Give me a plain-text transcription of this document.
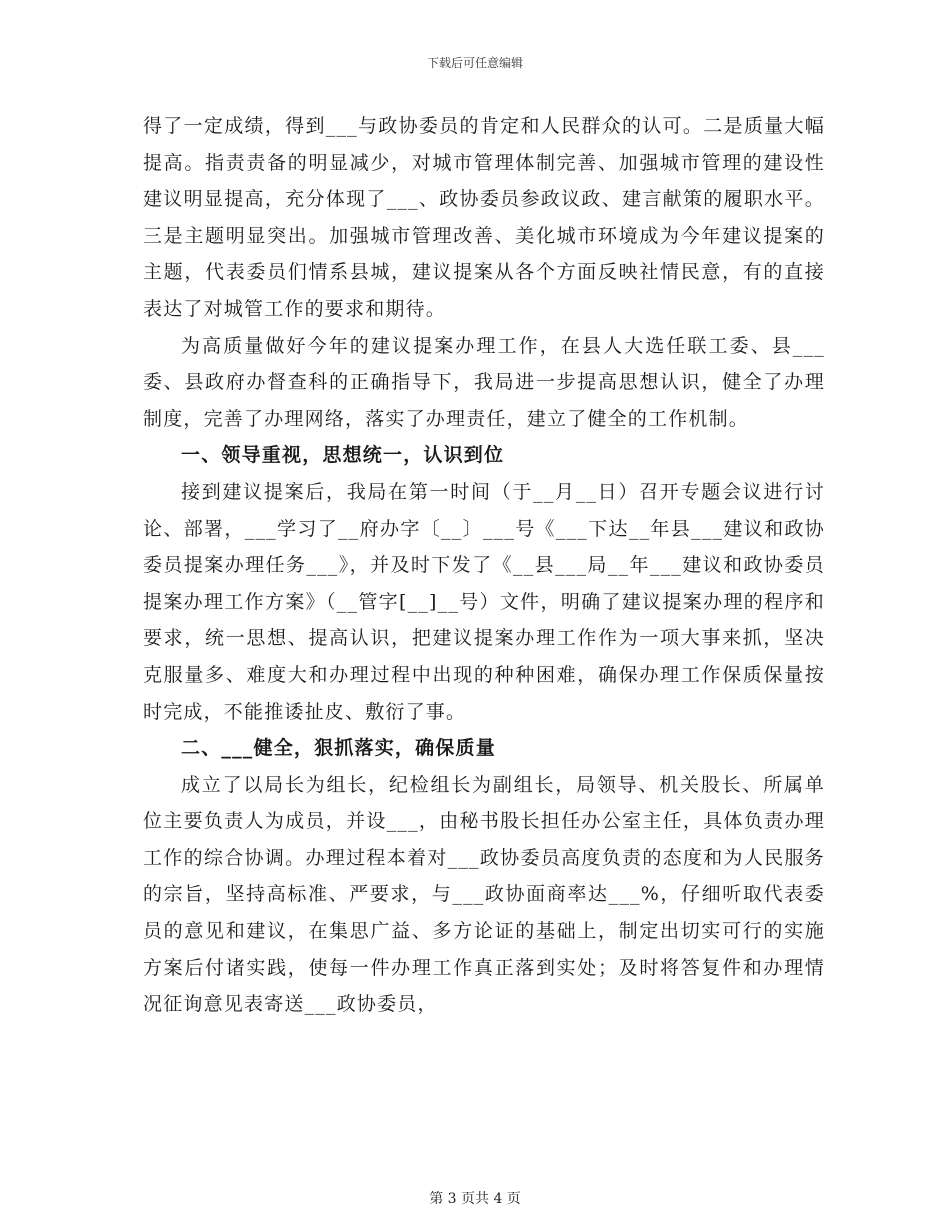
下载后可任意编辑

得了一定成绩，得到___与政协委员的肯定和人民群众的认可。二是质量大幅提高。指责责备的明显减少，对城市管理体制完善、加强城市管理的建设性建议明显提高，充分体现了___、政协委员参政议政、建言献策的履职水平。三是主题明显突出。加强城市管理改善、美化城市环境成为今年建议提案的主题，代表委员们情系县城，建议提案从各个方面反映社情民意，有的直接表达了对城管工作的要求和期待。

为高质量做好今年的建议提案办理工作，在县人大选任联工委、县___委、县政府办督查科的正确指导下，我局进一步提高思想认识，健全了办理制度，完善了办理网络，落实了办理责任，建立了健全的工作机制。

一、领导重视，思想统一，认识到位

接到建议提案后，我局在第一时间（于__月__日）召开专题会议进行讨论、部署，___学习了__府办字〔__〕___号《___下达__年县___建议和政协委员提案办理任务___》，并及时下发了《__县___局__年___建议和政协委员提案办理工作方案》（__管字[__]__号）文件，明确了建议提案办理的程序和要求，统一思想、提高认识，把建议提案办理工作作为一项大事来抓，坚决克服量多、难度大和办理过程中出现的种种困难，确保办理工作保质保量按时完成，不能推诿扯皮、敷衍了事。

二、___健全，狠抓落实，确保质量

成立了以局长为组长，纪检组长为副组长，局领导、机关股长、所属单位主要负责人为成员，并设___，由秘书股长担任办公室主任，具体负责办理工作的综合协调。办理过程本着对___政协委员高度负责的态度和为人民服务的宗旨，坚持高标准、严要求，与___政协面商率达___%，仔细听取代表委员的意见和建议，在集思广益、多方论证的基础上，制定出切实可行的实施方案后付诸实践，使每一件办理工作真正落到实处；及时将答复件和办理情况征询意见表寄送___政协委员，

第 3 页共 4 页
